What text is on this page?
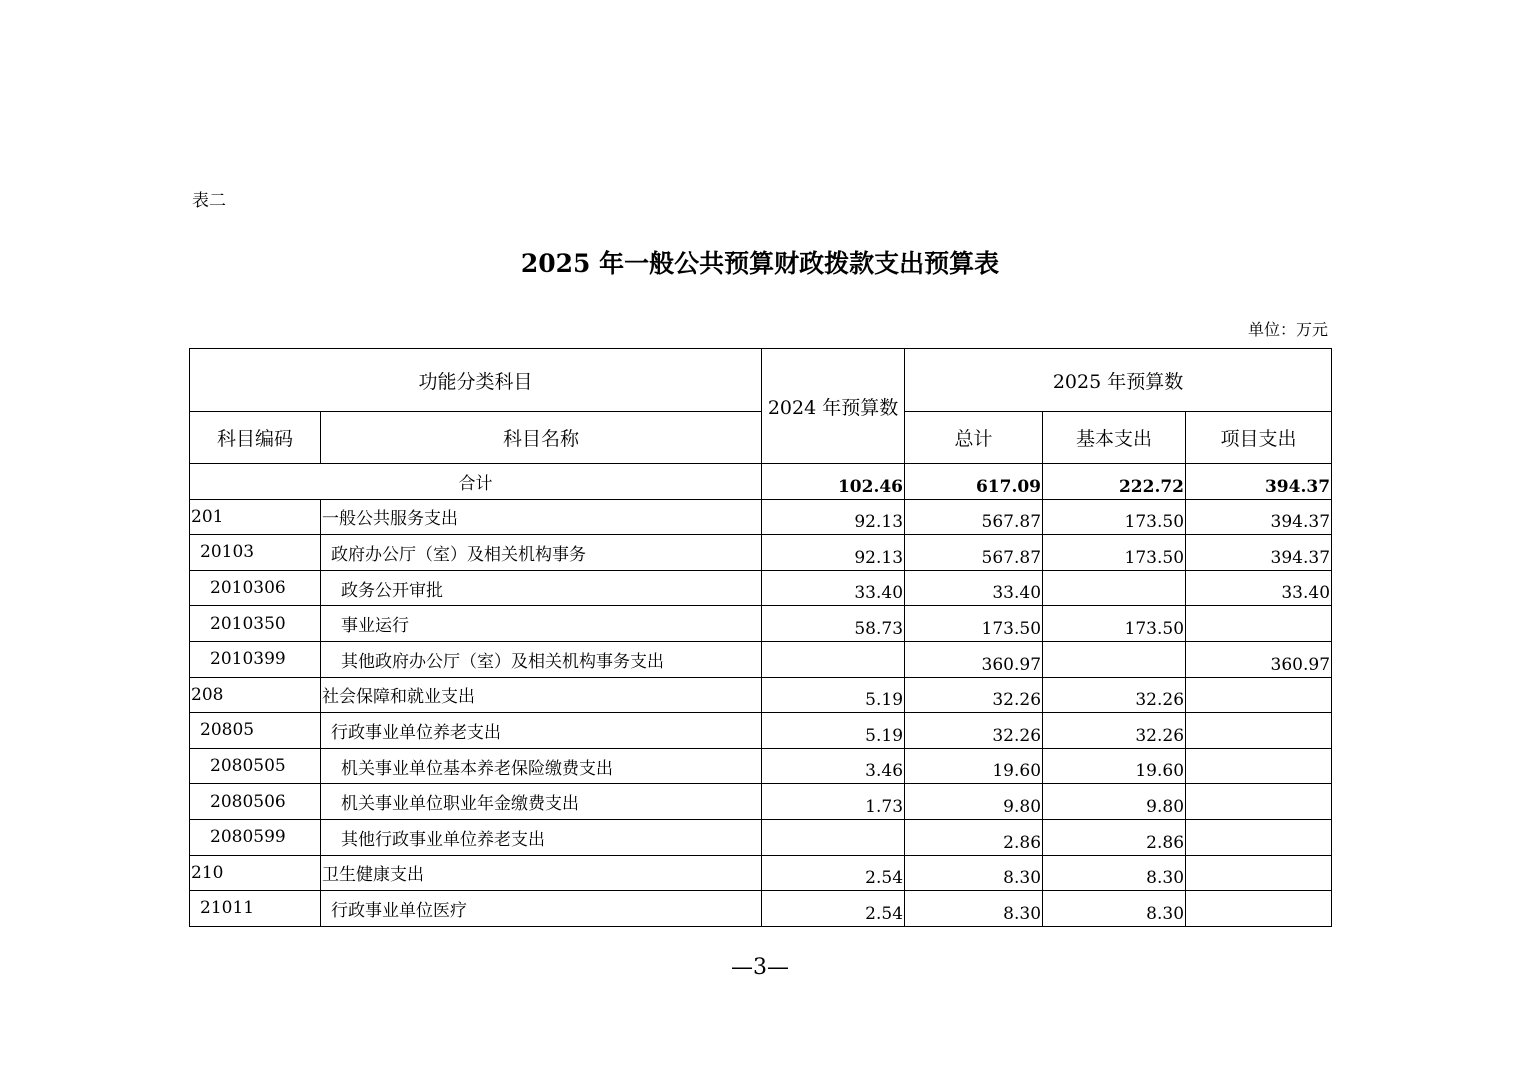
表二
2025 年一般公共预算财政拨款支出预算表
单位：万元
功能分类科目		2024 年预算数	2025 年预算数		
科目编码	科目名称		总计	基本支出	项目支出
合计		102.46	617.09	222.72	394.37
201	一般公共服务支出	92.13	567.87	173.50	394.37
20103	政府办公厅（室）及相关机构事务	92.13	567.87	173.50	394.37
2010306	政务公开审批	33.40	33.40		33.40
2010350	事业运行	58.73	173.50	173.50	
2010399	其他政府办公厅（室）及相关机构事务支出		360.97		360.97
208	社会保障和就业支出	5.19	32.26	32.26	
20805	行政事业单位养老支出	5.19	32.26	32.26	
2080505	机关事业单位基本养老保险缴费支出	3.46	19.60	19.60	
2080506	机关事业单位职业年金缴费支出	1.73	9.80	9.80	
2080599	其他行政事业单位养老支出		2.86	2.86	
210	卫生健康支出	2.54	8.30	8.30	
21011	行政事业单位医疗	2.54	8.30	8.30	
—3—
